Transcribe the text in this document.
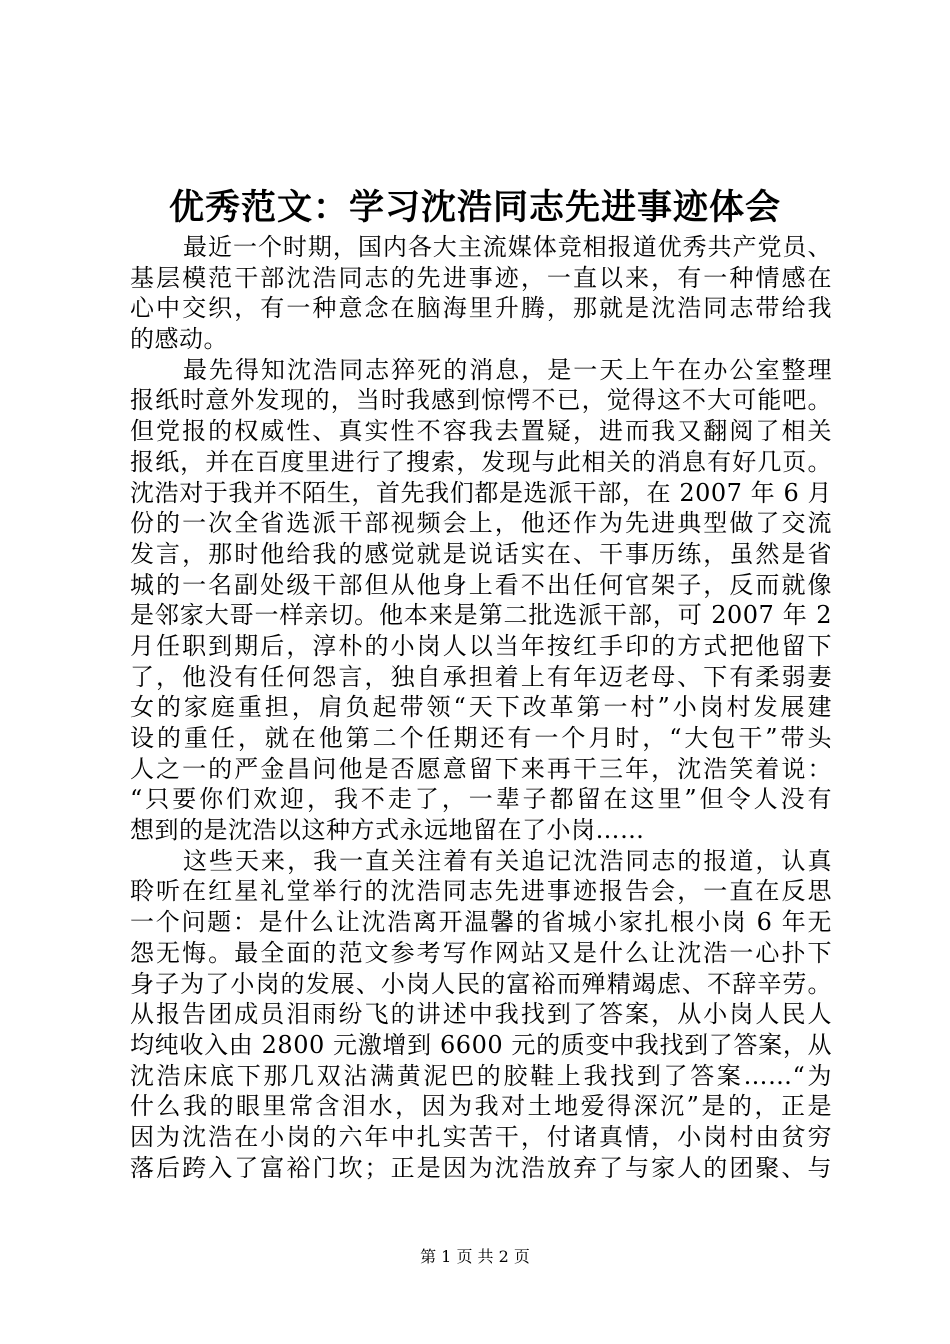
优秀范文：学习沈浩同志先进事迹体会
最近一个时期，国内各大主流媒体竞相报道优秀共产党员、
基层模范干部沈浩同志的先进事迹，一直以来，有一种情感在
心中交织，有一种意念在脑海里升腾，那就是沈浩同志带给我
的感动。
最先得知沈浩同志猝死的消息，是一天上午在办公室整理
报纸时意外发现的，当时我感到惊愕不已，觉得这不大可能吧。
但党报的权威性、真实性不容我去置疑，进而我又翻阅了相关
报纸，并在百度里进行了搜索，发现与此相关的消息有好几页。
沈浩对于我并不陌生，首先我们都是选派干部，在 2007 年 6 月
份的一次全省选派干部视频会上，他还作为先进典型做了交流
发言，那时他给我的感觉就是说话实在、干事历练，虽然是省
城的一名副处级干部但从他身上看不出任何官架子，反而就像
是邻家大哥一样亲切。他本来是第二批选派干部，可 2007 年 2
月任职到期后，淳朴的小岗人以当年按红手印的方式把他留下
了，他没有任何怨言，独自承担着上有年迈老母、下有柔弱妻
女的家庭重担，肩负起带领“天下改革第一村”小岗村发展建
设的重任，就在他第二个任期还有一个月时，“大包干”带头
人之一的严金昌问他是否愿意留下来再干三年，沈浩笑着说：
“只要你们欢迎，我不走了，一辈子都留在这里”但令人没有
想到的是沈浩以这种方式永远地留在了小岗……
这些天来，我一直关注着有关追记沈浩同志的报道，认真
聆听在红星礼堂举行的沈浩同志先进事迹报告会，一直在反思
一个问题：是什么让沈浩离开温馨的省城小家扎根小岗 6 年无
怨无悔。最全面的范文参考写作网站又是什么让沈浩一心扑下
身子为了小岗的发展、小岗人民的富裕而殚精竭虑、不辞辛劳。
从报告团成员泪雨纷飞的讲述中我找到了答案，从小岗人民人
均纯收入由 2800 元激增到 6600 元的质变中我找到了答案，从
沈浩床底下那几双沾满黄泥巴的胶鞋上我找到了答案……“为
什么我的眼里常含泪水，因为我对土地爱得深沉”是的，正是
因为沈浩在小岗的六年中扎实苦干，付诸真情，小岗村由贫穷
落后跨入了富裕门坎；正是因为沈浩放弃了与家人的团聚、与
第 1 页 共 2 页
